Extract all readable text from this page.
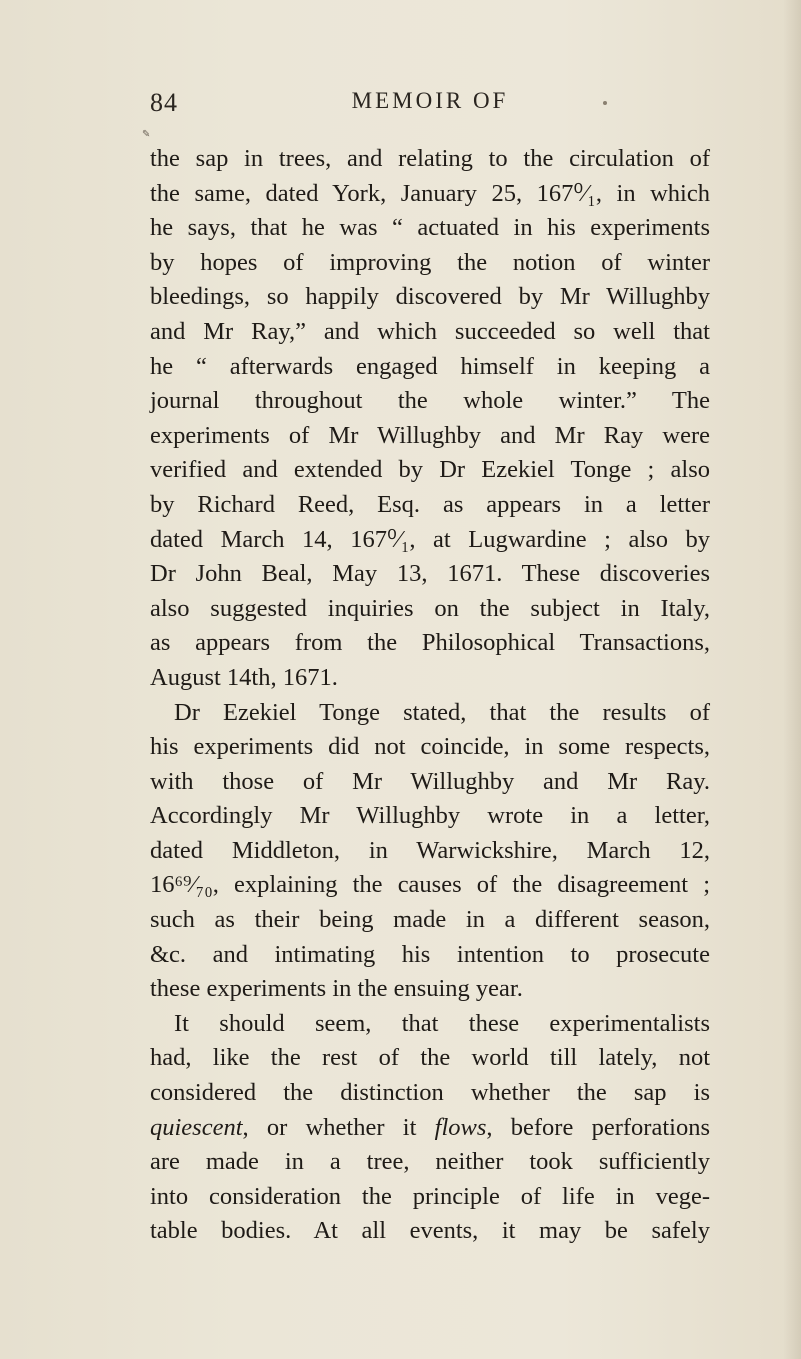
✎
84	MEMOIR OF
the sap in trees, and relating to the circulation of
the same, dated York, January 25, 167⁰⁄₁, in which
he says, that he was “ actuated in his experiments
by hopes of improving the notion of winter
bleedings, so happily discovered by Mr Willughby
and Mr Ray,” and which succeeded so well that
he “ afterwards engaged himself in keeping a
journal throughout the whole winter.” The
experiments of Mr Willughby and Mr Ray were
verified and extended by Dr Ezekiel Tonge ; also
by Richard Reed, Esq. as appears in a letter
dated March 14, 167⁰⁄₁, at Lugwardine ; also by
Dr John Beal, May 13, 1671. These discoveries
also suggested inquiries on the subject in Italy,
as appears from the Philosophical Transactions,
August 14th, 1671.
Dr Ezekiel Tonge stated, that the results of
his experiments did not coincide, in some respects,
with those of Mr Willughby and Mr Ray.
Accordingly Mr Willughby wrote in a letter,
dated Middleton, in Warwickshire, March 12,
16⁶⁹⁄₇₀, explaining the causes of the disagreement ;
such as their being made in a different season,
&c. and intimating his intention to prosecute
these experiments in the ensuing year.
It should seem, that these experimentalists
had, like the rest of the world till lately, not
considered the distinction whether the sap is
quiescent, or whether it flows, before perforations
are made in a tree, neither took sufficiently
into consideration the principle of life in vege-
table bodies. At all events, it may be safely
